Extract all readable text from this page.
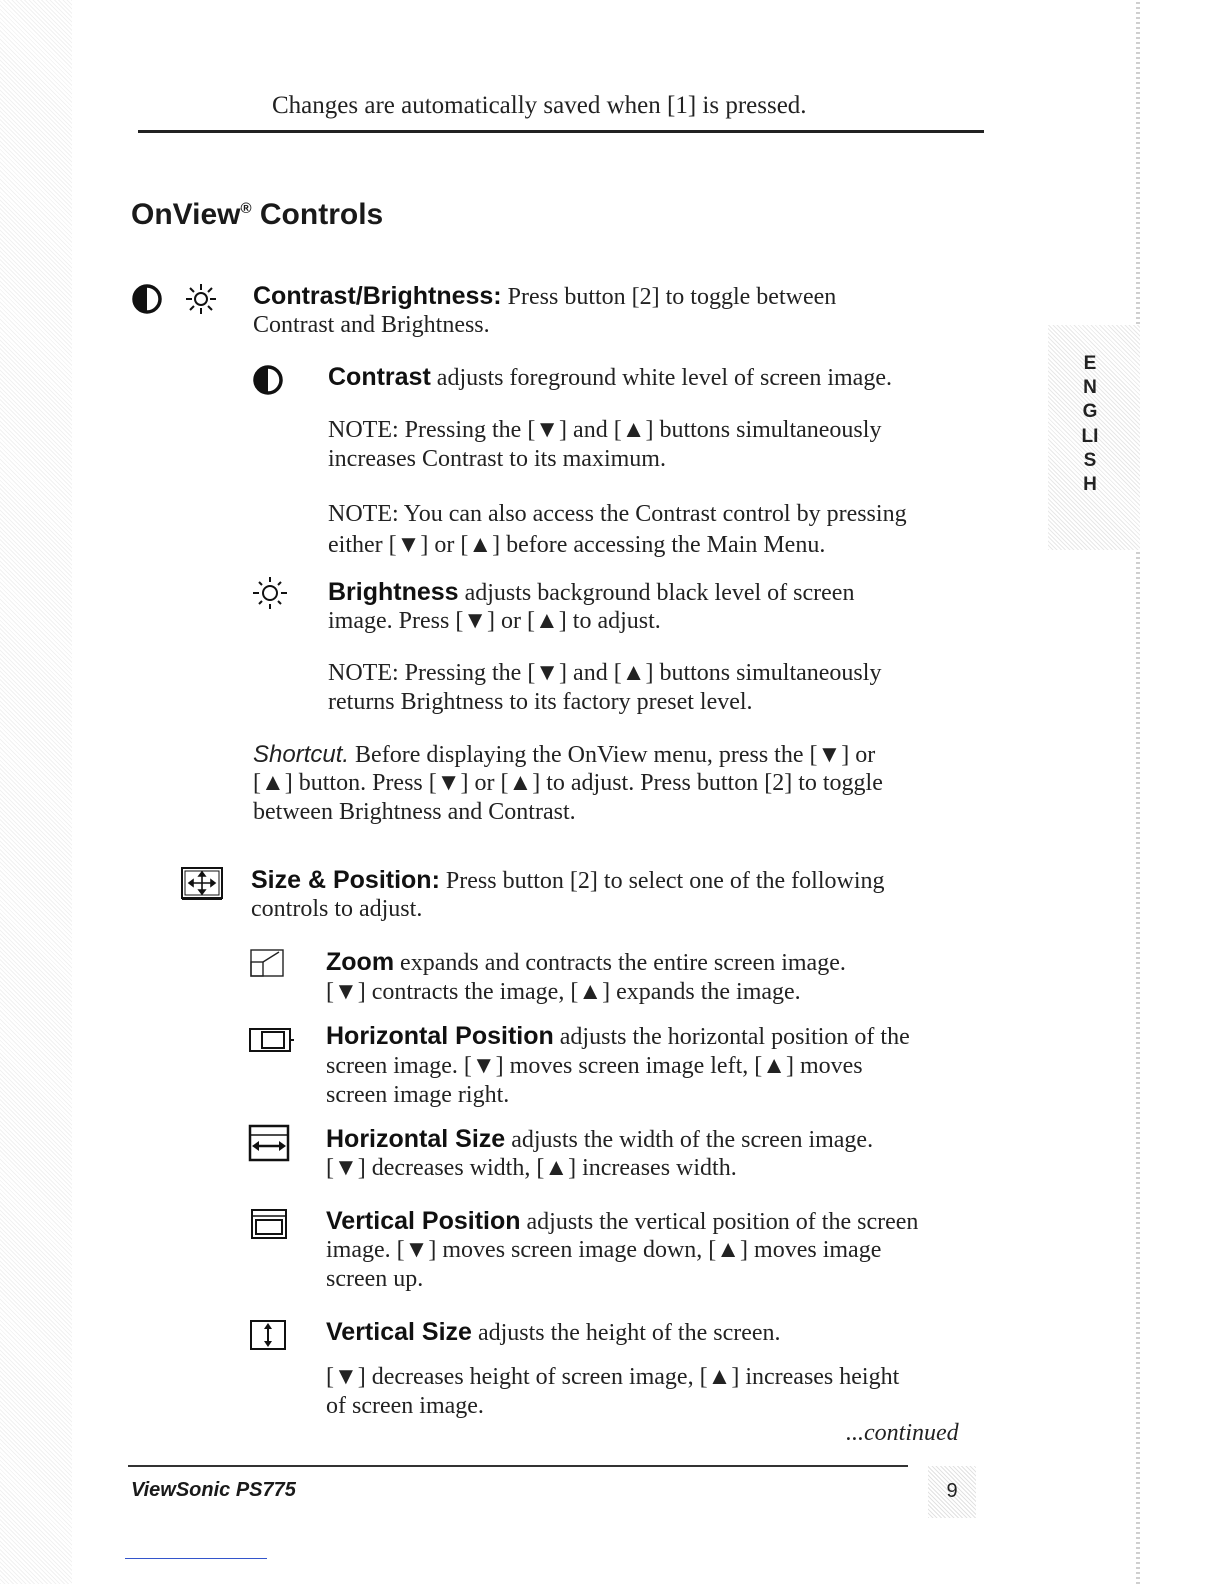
Changes are automatically saved when [1] is pressed.
OnView® Controls
Contrast/Brightness: Press button [2] to toggle between
Contrast and Brightness.
Contrast adjusts foreground white level of screen image.
NOTE: Pressing the [▼] and [▲] buttons simultaneously
increases Contrast to its maximum.
NOTE: You can also access the Contrast control by pressing
either [▼] or [▲] before accessing the Main Menu.
Brightness adjusts background black level of screen
image. Press [▼] or [▲] to adjust.
NOTE: Pressing the [▼] and [▲] buttons simultaneously
returns Brightness to its factory preset level.
Shortcut. Before displaying the OnView menu, press the [▼] or
[▲] button. Press [▼] or [▲] to adjust. Press button [2] to toggle
between Brightness and Contrast.
Size & Position: Press button [2] to select one of the following
controls to adjust.
Zoom expands and contracts the entire screen image.
[▼] contracts the image, [▲] expands the image.
Horizontal Position adjusts the horizontal position of the
screen image. [▼] moves screen image left, [▲] moves
screen image right.
Horizontal Size adjusts the width of the screen image.
[▼] decreases width, [▲] increases width.
Vertical Position adjusts the vertical position of the screen
image. [▼] moves screen image down, [▲] moves image
screen up.
Vertical Size adjusts the height of the screen.
[▼] decreases height of screen image, [▲] increases height
of screen image.
...continued
ENGLISH
ViewSonic PS775	9
